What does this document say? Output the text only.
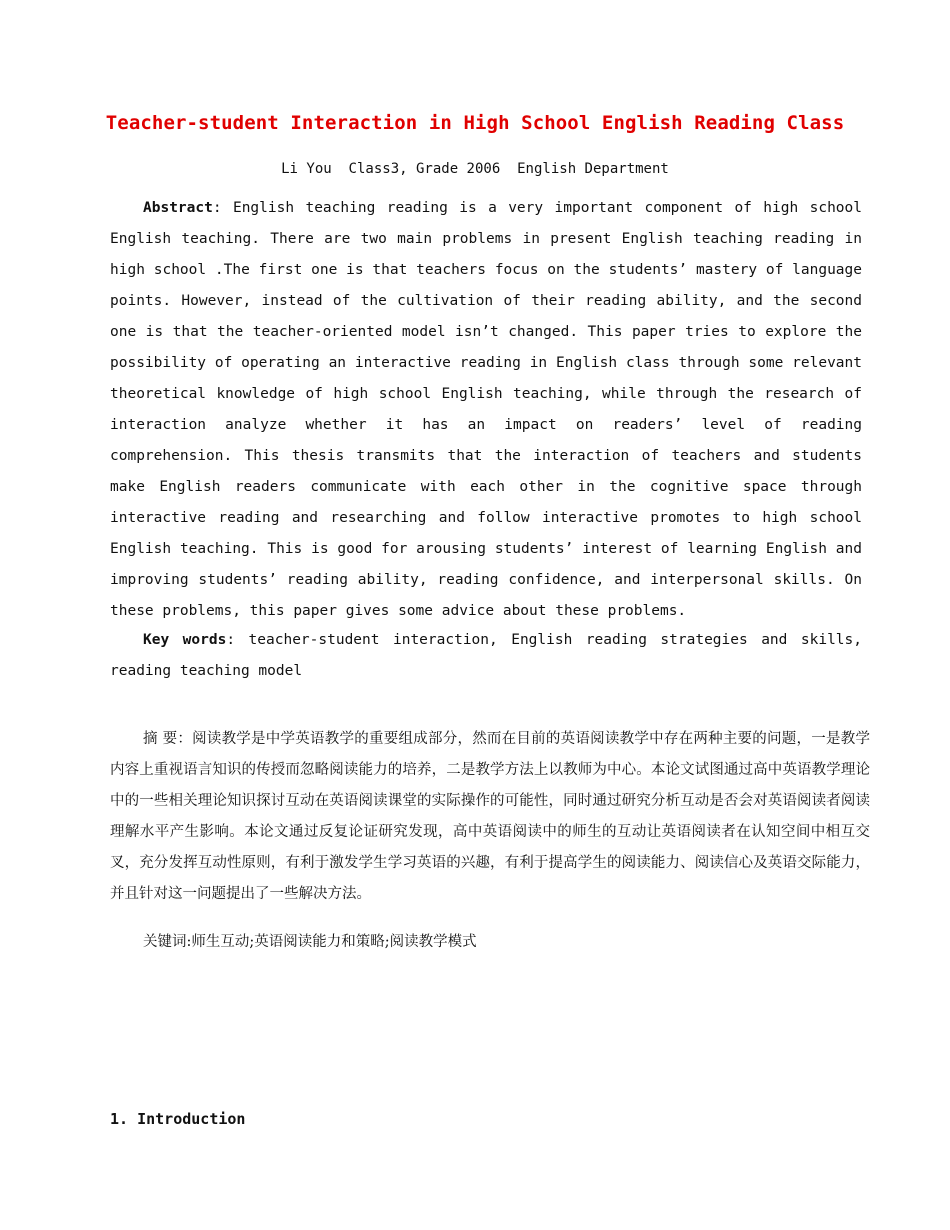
Teacher-student Interaction in High School English Reading Class
Li You  Class3, Grade 2006  English Department

Abstract: English teaching reading is a very important component of high school English teaching. There are two main problems in present English teaching reading in high school .The first one is that teachers focus on the students’ mastery of language points. However, instead of the cultivation of their reading ability, and the second one is that the teacher-oriented model isn’t changed. This paper tries to explore the possibility of operating an interactive reading in English class through some relevant theoretical knowledge of high school English teaching, while through the research of interaction analyze whether it has an impact on readers’ level of reading comprehension. This thesis transmits that the interaction of teachers and students make English readers communicate with each other in the cognitive space through interactive reading and researching and follow interactive promotes to high school English teaching. This is good for arousing students’ interest of learning English and improving students’ reading ability, reading confidence, and interpersonal skills. On these problems, this paper gives some advice about these problems.

Key words: teacher-student interaction, English reading strategies and skills, reading teaching model

摘 要：阅读教学是中学英语教学的重要组成部分，然而在目前的英语阅读教学中存在两种主要的问题，一是教学内容上重视语言知识的传授而忽略阅读能力的培养，二是教学方法上以教师为中心。本论文试图通过高中英语教学理论中的一些相关理论知识探讨互动在英语阅读课堂的实际操作的可能性，同时通过研究分析互动是否会对英语阅读者阅读理解水平产生影响。本论文通过反复论证研究发现，高中英语阅读中的师生的互动让英语阅读者在认知空间中相互交叉，充分发挥互动性原则，有利于激发学生学习英语的兴趣，有利于提高学生的阅读能力、阅读信心及英语交际能力，并且针对这一问题提出了一些解决方法。

关键词:师生互动;英语阅读能力和策略;阅读教学模式

1. Introduction
